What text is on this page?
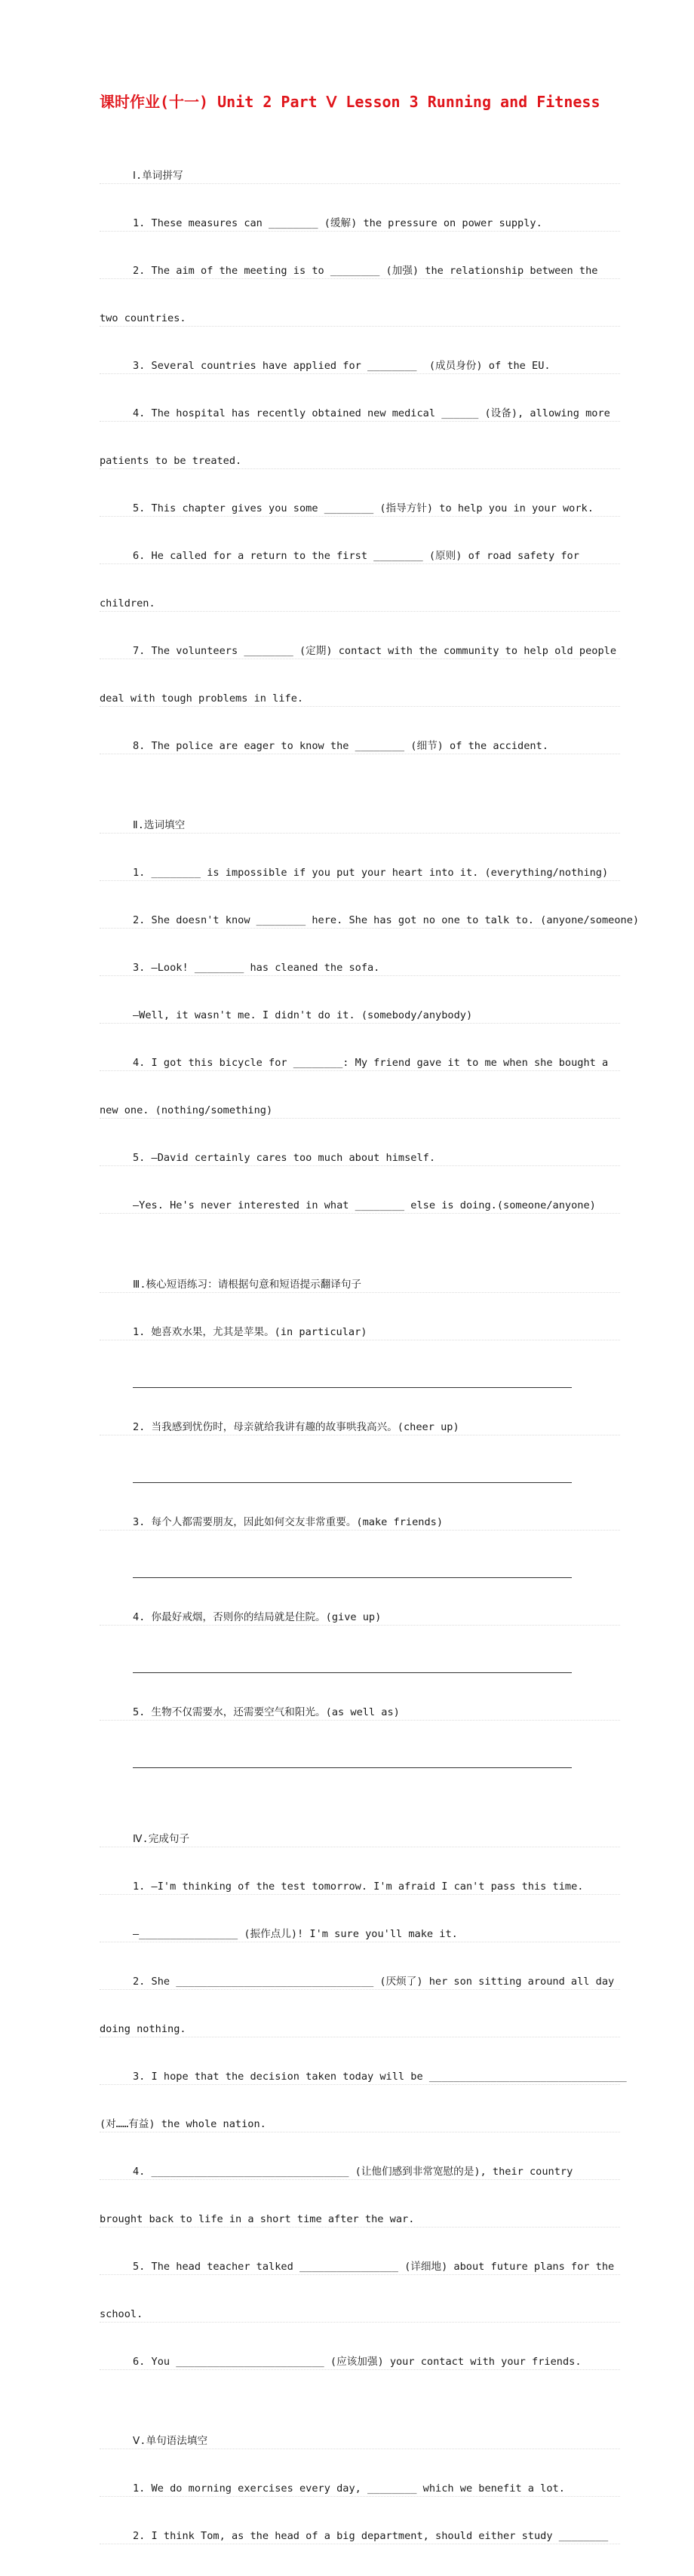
课时作业(十一) Unit 2 Part Ⅴ Lesson 3 Running and Fitness

Ⅰ.单词拼写

1. These measures can ________ (缓解) the pressure on power supply.

2. The aim of the meeting is to ________ (加强) the relationship between the

two countries.

3. Several countries have applied for ________  (成员身份) of the EU.

4. The hospital has recently obtained new medical ______ (设备), allowing more

patients to be treated.

5. This chapter gives you some ________ (指导方针) to help you in your work.

6. He called for a return to the first ________ (原则) of road safety for

children.

7. The volunteers ________ (定期) contact with the community to help old people

deal with tough problems in life.

8. The police are eager to know the ________ (细节) of the accident.

Ⅱ.选词填空

1. ________ is impossible if you put your heart into it. (everything/nothing)

2. She doesn't know ________ here. She has got no one to talk to. (anyone/someone)

3. —Look! ________ has cleaned the sofa.

—Well, it wasn't me. I didn't do it. (somebody/anybody)

4. I got this bicycle for ________: My friend gave it to me when she bought a

new one. (nothing/something)

5. —David certainly cares too much about himself.

—Yes. He's never interested in what ________ else is doing.(someone/anyone)

Ⅲ.核心短语练习：请根据句意和短语提示翻译句子

1. 她喜欢水果，尤其是苹果。(in particular)

2. 当我感到忧伤时，母亲就给我讲有趣的故事哄我高兴。(cheer up)

3. 每个人都需要朋友，因此如何交友非常重要。(make friends)

4. 你最好戒烟，否则你的结局就是住院。(give up)

5. 生物不仅需要水，还需要空气和阳光。(as well as)

Ⅳ.完成句子

1. —I'm thinking of the test tomorrow. I'm afraid I can't pass this time.

—________________ (振作点儿)! I'm sure you'll make it.

2. She ________________________________ (厌烦了) her son sitting around all day

doing nothing.

3. I hope that the decision taken today will be ________________________________

(对……有益) the whole nation.

4. ________________________________ (让他们感到非常宽慰的是), their country

brought back to life in a short time after the war.

5. The head teacher talked ________________ (详细地) about future plans for the

school.

6. You ________________________ (应该加强) your contact with your friends.

Ⅴ.单句语法填空

1. We do morning exercises every day, ________ which we benefit a lot.

2. I think Tom, as the head of a big department, should either study ________
